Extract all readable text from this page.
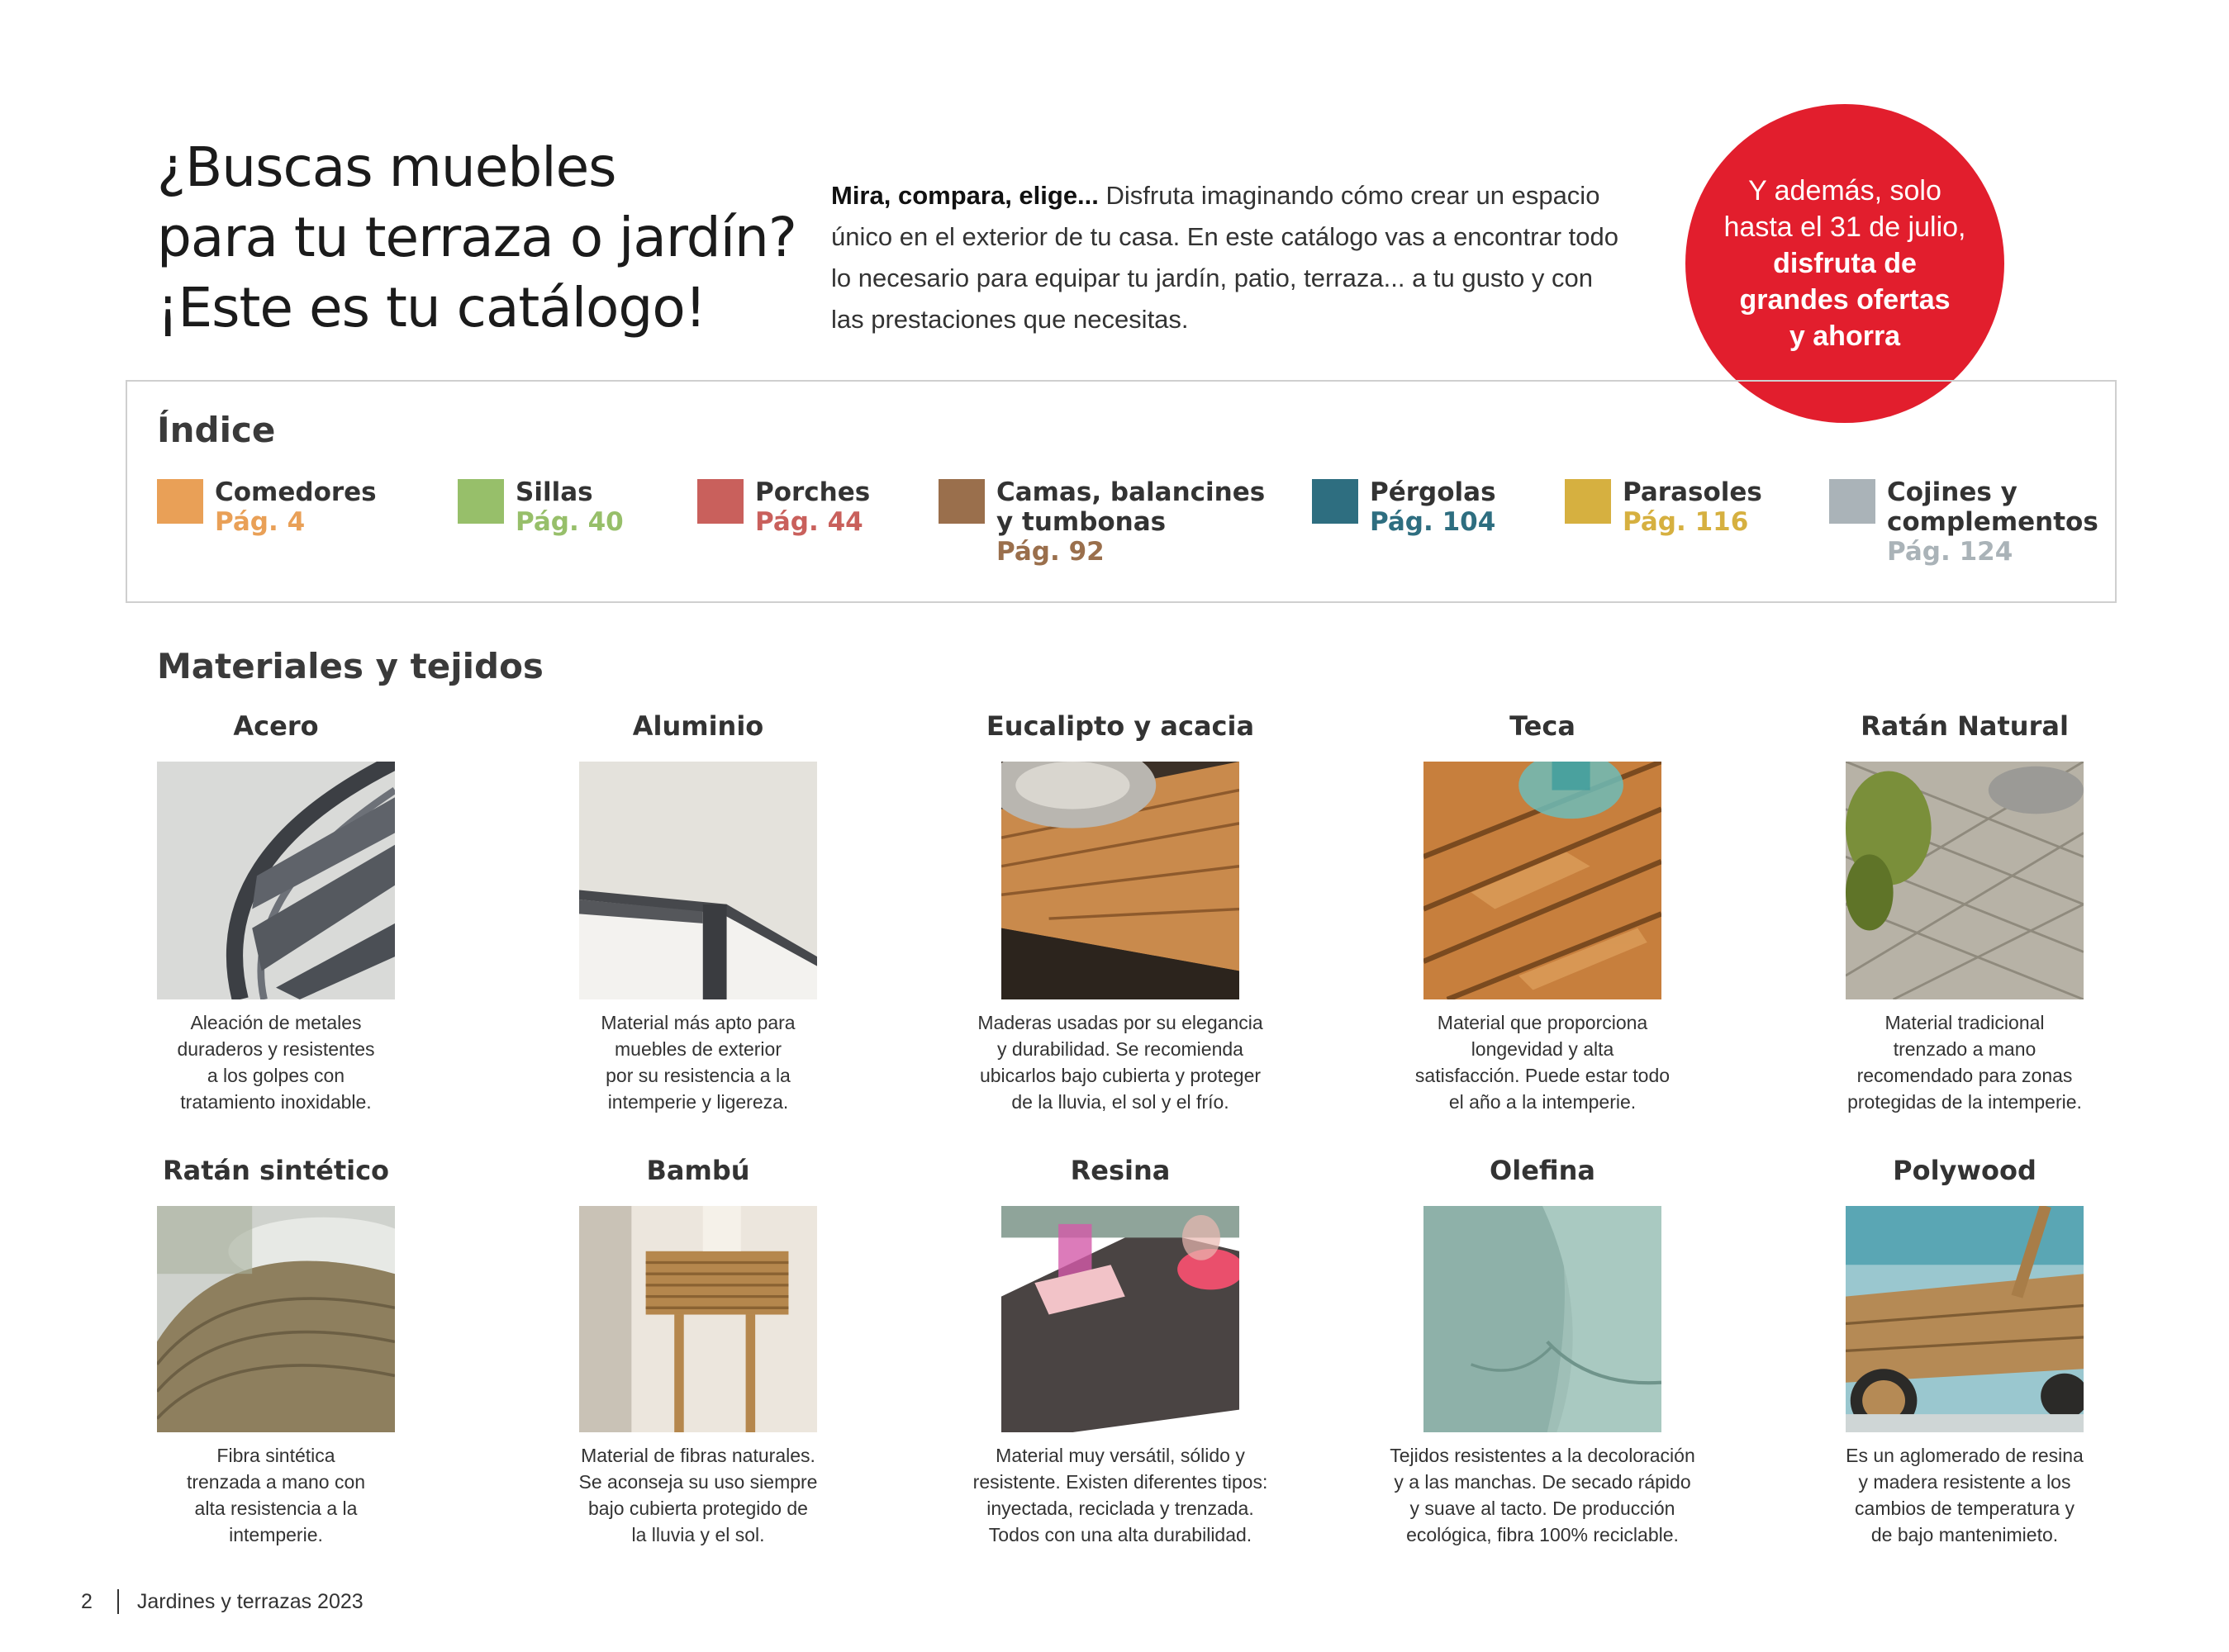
¿Buscas muebles
para tu terraza o jardín?
¡Este es tu catálogo!
Mira, compara, elige... Disfruta imaginando cómo crear un espacio único en el exterior de tu casa. En este catálogo vas a encontrar todo lo necesario para equipar tu jardín, patio, terraza... a tu gusto y con las prestaciones que necesitas.
Y además, solo
hasta el 31 de julio,
disfruta de
grandes ofertas
y ahorra
Índice
Comedores
Pág. 4
Sillas
Pág. 40
Porches
Pág. 44
Camas, balancines
y tumbonas
Pág. 92
Pérgolas
Pág. 104
Parasoles
Pág. 116
Cojines y
complementos
Pág. 124
Materiales y tejidos
Acero
Aleación de metales
duraderos y resistentes
a los golpes con
tratamiento inoxidable.
Aluminio
Material más apto para
muebles de exterior
por su resistencia a la
intemperie y ligereza.
Eucalipto y acacia
Maderas usadas por su elegancia
y durabilidad. Se recomienda
ubicarlos bajo cubierta y proteger
de la lluvia, el sol y el frío.
Teca
Material que proporciona
longevidad y alta
satisfacción. Puede estar todo
el año a la intemperie.
Ratán Natural
Material tradicional
trenzado a mano
recomendado para zonas
protegidas de la intemperie.
Ratán sintético
Fibra sintética
trenzada a mano con
alta resistencia a la
intemperie.
Bambú
Material de fibras naturales.
Se aconseja su uso siempre
bajo cubierta protegido de
la lluvia y el sol.
Resina
Material muy versátil, sólido y
resistente. Existen diferentes tipos:
inyectada, reciclada y trenzada.
Todos con una alta durabilidad.
Olefina
Tejidos resistentes a la decoloración
y a las manchas. De secado rápido
y suave al tacto. De producción
ecológica, fibra 100% reciclable.
Polywood
Es un aglomerado de resina
y madera resistente a los
cambios de temperatura y
de bajo mantenimieto.
2 Jardines y terrazas 2023
